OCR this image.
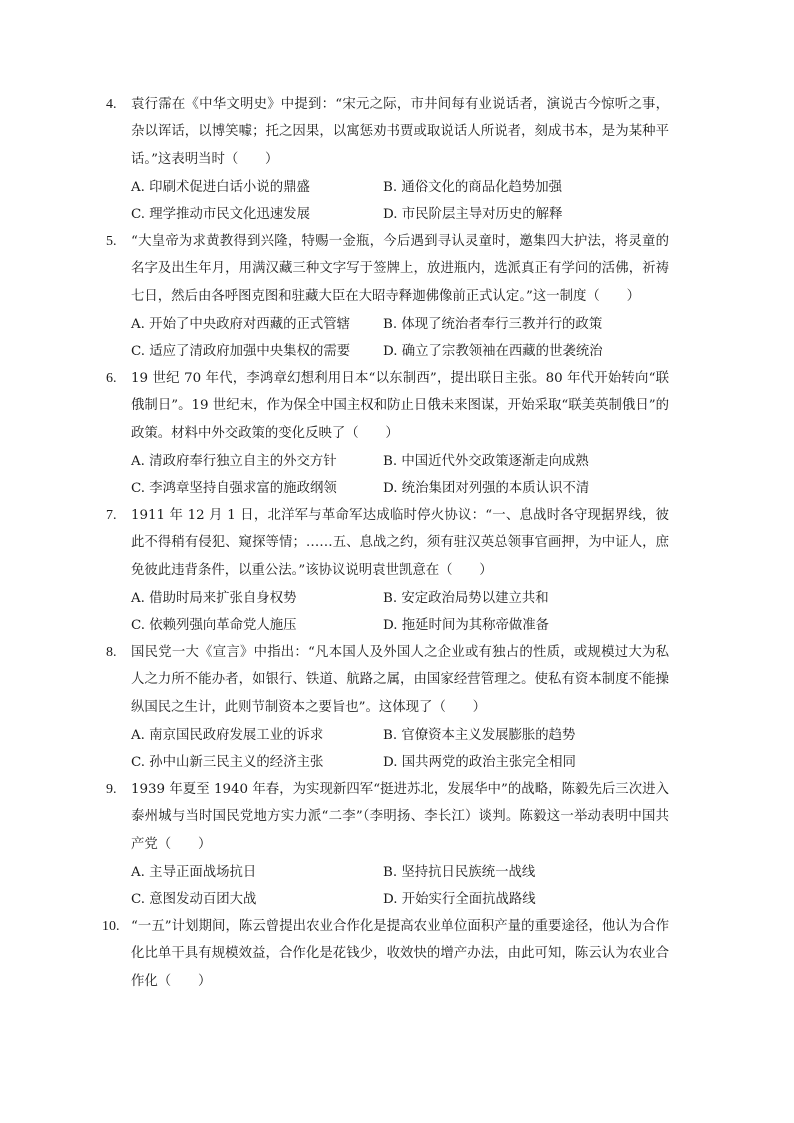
4. 袁行霈在《中华文明史》中提到：“宋元之际，市井间每有业说话者，演说古今惊听之事，杂以诨话，以博笑噱；托之因果，以寓惩劝书贾或取说话人所说者，刻成书本，是为某种平话。”这表明当时（　　）

A. 印刷术促进白话小说的鼎盛	B. 通俗文化的商品化趋势加强
C. 理学推动市民文化迅速发展	D. 市民阶层主导对历史的解释
5. “大皇帝为求黄教得到兴隆，特赐一金瓶，今后遇到寻认灵童时，邀集四大护法，将灵童的名字及出生年月，用满汉藏三种文字写于签牌上，放进瓶内，选派真正有学问的活佛，祈祷七日，然后由各呼图克图和驻藏大臣在大昭寺释迦佛像前正式认定。”这一制度（　　）

A. 开始了中央政府对西藏的正式管辖 B. 体现了统治者奉行三教并行的政策
C. 适应了清政府加强中央集权的需要 D. 确立了宗教领袖在西藏的世袭统治
6. 19 世纪 70 年代，李鸿章幻想利用日本“以东制西”，提出联日主张。80 年代开始转向“联俄制日”。19 世纪末，作为保全中国主权和防止日俄未来图谋，开始采取“联美英制俄日”的政策。材料中外交政策的变化反映了（　　）

A. 清政府奉行独立自主的外交方针	B. 中国近代外交政策逐渐走向成熟
C. 李鸿章坚持自强求富的施政纲领	D. 统治集团对列强的本质认识不清
7. 1911 年 12 月 1 日，北洋军与革命军达成临时停火协议：“一、息战时各守现据界线，彼此不得稍有侵犯、窥探等情；……五、息战之约，须有驻汉英总领事官画押，为中证人，庶免彼此违背条件，以重公法。”该协议说明袁世凯意在（　　）

A. 借助时局来扩张自身权势	B. 安定政治局势以建立共和
C. 依赖列强向革命党人施压	D. 拖延时间为其称帝做准备
8. 国民党一大《宣言》中指出：“凡本国人及外国人之企业或有独占的性质，或规模过大为私人之力所不能办者，如银行、铁道、航路之属，由国家经营管理之。使私有资本制度不能操纵国民之生计，此则节制资本之要旨也”。这体现了（　　）

A. 南京国民政府发展工业的诉求	B. 官僚资本主义发展膨胀的趋势
C. 孙中山新三民主义的经济主张	D. 国共两党的政治主张完全相同
9. 1939 年夏至 1940 年春，为实现新四军“挺进苏北，发展华中”的战略，陈毅先后三次进入泰州城与当时国民党地方实力派“二李”（李明扬、李长江）谈判。陈毅这一举动表明中国共产党（　　）

A. 主导正面战场抗日	B. 坚持抗日民族统一战线
C. 意图发动百团大战	D. 开始实行全面抗战路线
10. “一五”计划期间，陈云曾提出农业合作化是提高农业单位面积产量的重要途径，他认为合作化比单干具有规模效益，合作化是花钱少，收效快的增产办法，由此可知，陈云认为农业合作化（　　）
